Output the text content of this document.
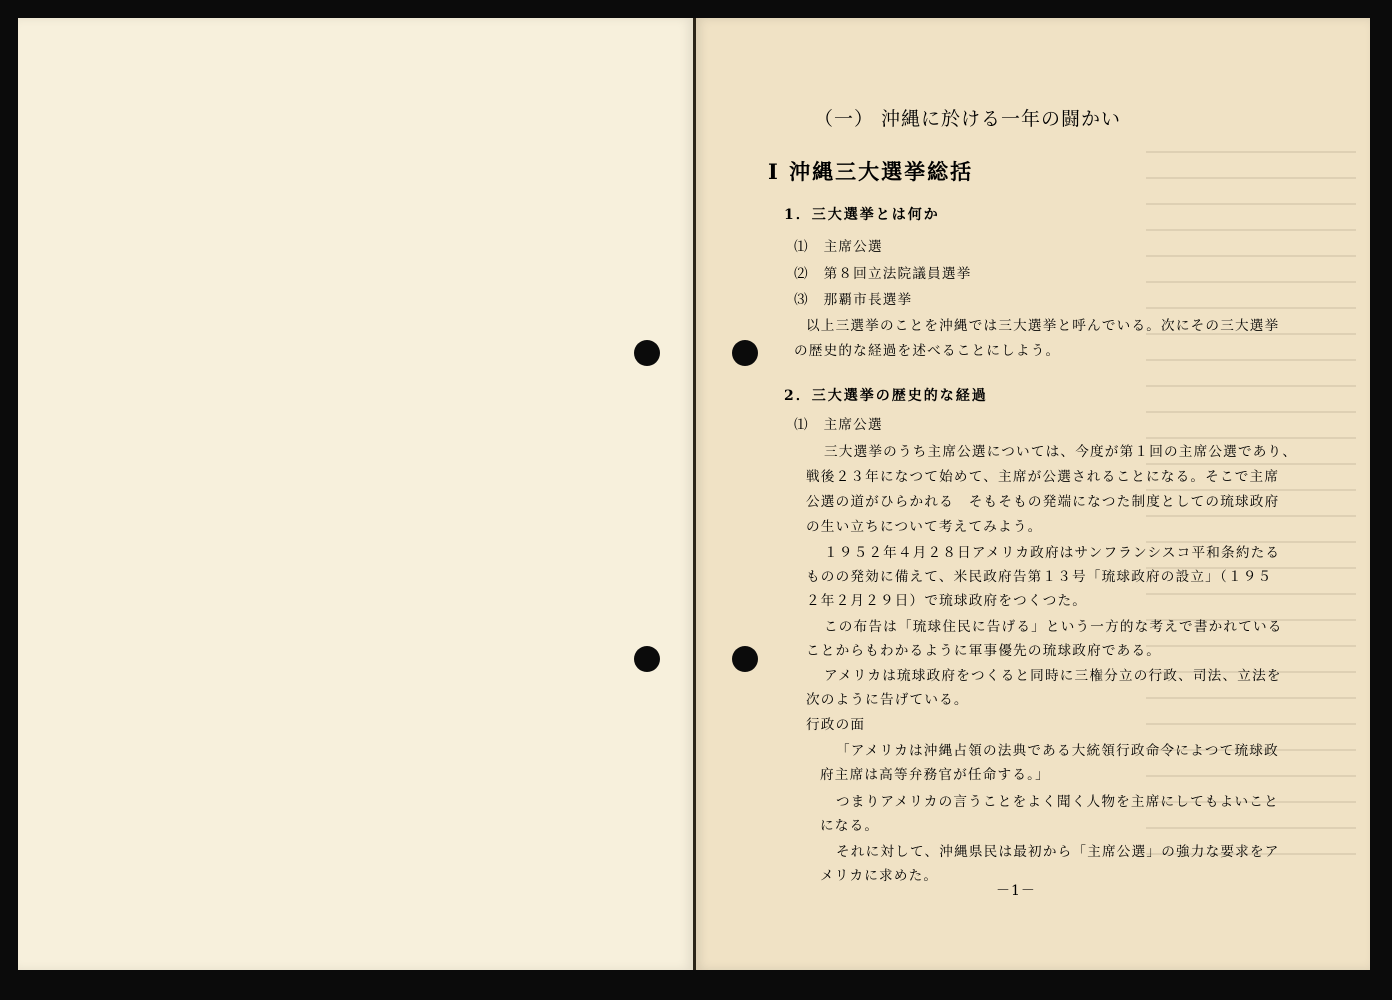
（一） 沖縄に於ける一年の闘かい
Ⅰ 沖縄三大選挙総括
1．三大選挙とは何か
⑴　主席公選
⑵　第８回立法院議員選挙
⑶　那覇市長選挙
以上三選挙のことを沖縄では三大選挙と呼んでいる。次にその三大選挙
の歴史的な経過を述べることにしよう。
2．三大選挙の歴史的な経過
⑴　主席公選
三大選挙のうち主席公選については、今度が第１回の主席公選であり、
戦後２３年になつて始めて、主席が公選されることになる。そこで主席
公選の道がひらかれる　そもそもの発端になつた制度としての琉球政府
の生い立ちについて考えてみよう。
１９５２年４月２８日アメリカ政府はサンフランシスコ平和条約たる
ものの発効に備えて、米民政府告第１３号「琉球政府の設立」（１９５
２年２月２９日）で琉球政府をつくつた。
この布告は「琉球住民に告げる」という一方的な考えで書かれている
ことからもわかるように軍事優先の琉球政府である。
アメリカは琉球政府をつくると同時に三権分立の行政、司法、立法を
次のように告げている。
行政の面
「アメリカは沖縄占領の法典である大統領行政命令によつて琉球政
府主席は高等弁務官が任命する。」
つまりアメリカの言うことをよく聞く人物を主席にしてもよいこと
になる。
それに対して、沖縄県民は最初から「主席公選」の強力な要求をア
メリカに求めた。
－1－
